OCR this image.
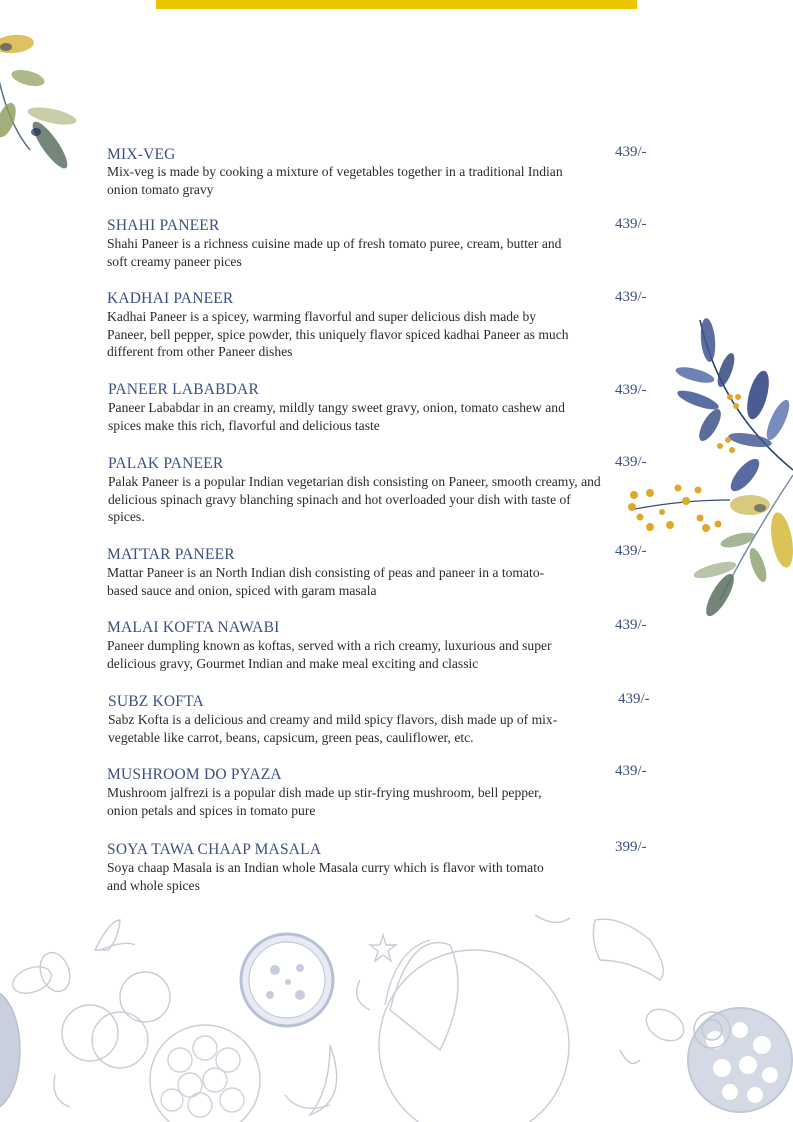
MIX-VEG
Mix-veg is made by cooking a mixture of vegetables together in a traditional Indian onion tomato gravy
439/-
SHAHI PANEER
Shahi Paneer is a richness cuisine made up of fresh tomato puree, cream, butter and soft creamy paneer pices
439/-
KADHAI PANEER
Kadhai Paneer is a spicey, warming flavorful and super delicious dish made by Paneer, bell pepper, spice powder, this uniquely flavor spiced kadhai Paneer as much different from other Paneer dishes
439/-
PANEER LABABDAR
Paneer Lababdar in an creamy, mildly tangy sweet gravy, onion, tomato cashew and spices make this rich, flavorful and delicious taste
439/-
PALAK PANEER
Palak Paneer is a popular Indian vegetarian dish consisting on Paneer, smooth creamy, and delicious spinach gravy blanching spinach and hot overloaded your dish with taste of spices.
439/-
MATTAR PANEER
Mattar Paneer is an North Indian dish consisting of peas and paneer in a tomato-based sauce and onion, spiced with garam masala
439/-
MALAI KOFTA NAWABI
Paneer dumpling known as koftas, served with a rich creamy, luxurious and super delicious gravy, Gourmet Indian and make meal exciting and classic
439/-
SUBZ KOFTA
Sabz Kofta is a delicious and creamy and mild spicy flavors, dish made up of mix-vegetable like carrot, beans, capsicum, green peas, cauliflower, etc.
439/-
MUSHROOM DO PYAZA
Mushroom jalfrezi is a popular dish made up stir-frying mushroom, bell pepper, onion petals and spices in tomato pure
439/-
SOYA TAWA CHAAP MASALA
Soya chaap Masala is an Indian whole Masala curry which is flavor with tomato and whole spices
399/-
